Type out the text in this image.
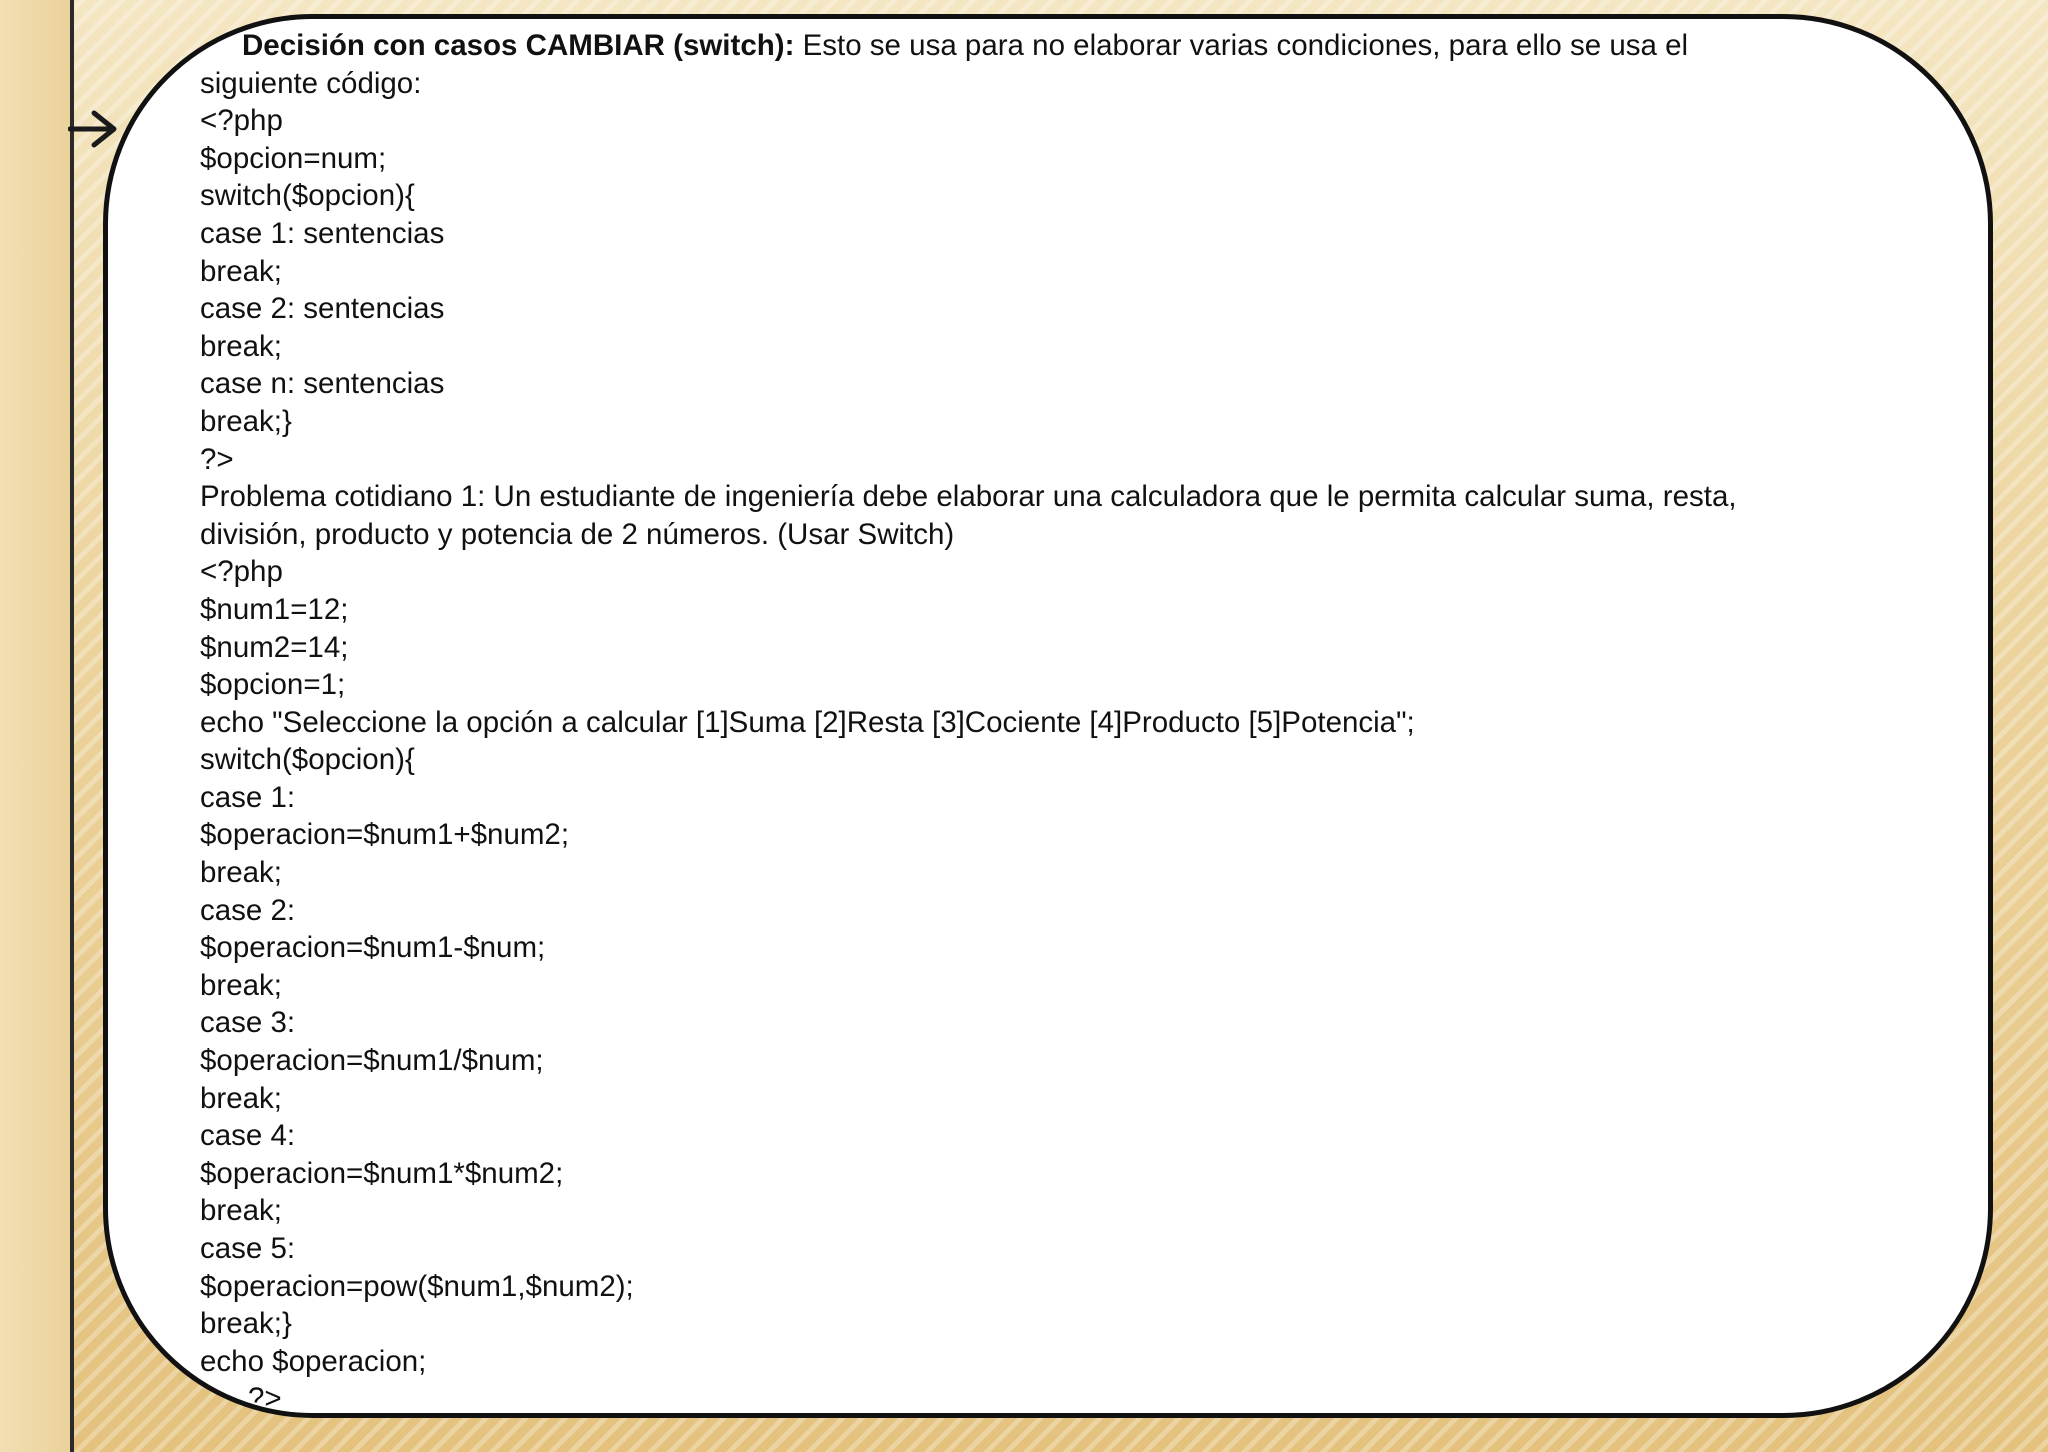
Decisión con casos CAMBIAR (switch): Esto se usa para no elaborar varias condiciones, para ello se usa el
siguiente código:
<?php
$opcion=num;
switch($opcion){
case 1: sentencias
break;
case 2: sentencias
break;
case n: sentencias
break;}
?>
Problema cotidiano 1: Un estudiante de ingeniería debe elaborar una calculadora que le permita calcular suma, resta,
división, producto y potencia de 2 números. (Usar Switch)
<?php
$num1=12;
$num2=14;
$opcion=1;
echo "Seleccione la opción a calcular [1]Suma [2]Resta [3]Cociente [4]Producto [5]Potencia";
switch($opcion){
case 1:
$operacion=$num1+$num2;
break;
case 2:
$operacion=$num1-$num;
break;
case 3:
$operacion=$num1/$num;
break;
case 4:
$operacion=$num1*$num2;
break;
case 5:
$operacion=pow($num1,$num2);
break;}
echo $operacion;
?>
